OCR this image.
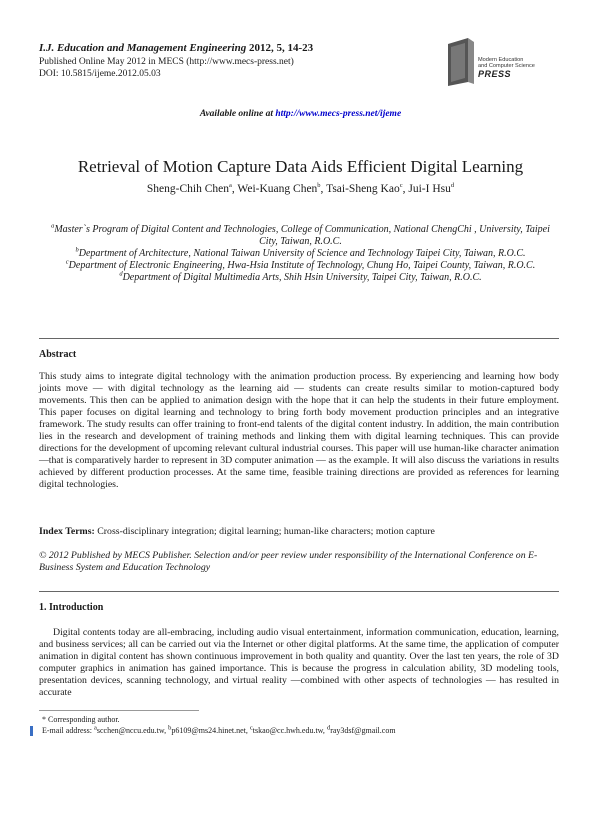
I.J. Education and Management Engineering 2012, 5, 14-23
Published Online May 2012 in MECS (http://www.mecs-press.net)
DOI: 10.5815/ijeme.2012.05.03
Modern Education
and Computer Science
PRESS
Available online at http://www.mecs-press.net/ijeme
Retrieval of Motion Capture Data Aids Efficient Digital Learning
Sheng-Chih Chen$^a$, Wei-Kuang Chen$^b$, Tsai-Sheng Kao$^c$, Jui-I Hsu$^d$
$^a$Master`s Program of Digital Content and Technologies, College of Communication, National ChengChi , University, Taipei City, Taiwan, R.O.C.
$^b$Department of Architecture, National Taiwan University of Science and Technology Taipei City, Taiwan, R.O.C.
$^c$Department of Electronic Engineering, Hwa-Hsia Institute of Technology, Chung Ho, Taipei County, Taiwan, R.O.C.
$^d$Department of Digital Multimedia Arts, Shih Hsin University, Taipei City, Taiwan, R.O.C.
Abstract
This study aims to integrate digital technology with the animation production process. By experiencing and learning how body joints move — with digital technology as the learning aid — students can create results similar to motion-captured body movements. This then can be applied to animation design with the hope that it can help the students in their future employment. This paper focuses on digital learning and technology to bring forth body movement production principles and an integrative framework. The study results can offer training to front-end talents of the digital content industry. In addition, the main contribution lies in the research and development of training methods and linking them with digital learning techniques. This can provide directions for the development of upcoming relevant cultural industrial courses. This paper will use human-like character animation —that is comparatively harder to represent in 3D computer animation — as the example. It will also discuss the variations in results achieved by different production processes. At the same time, feasible training directions are provided as references for learning digital technologies.
Index Terms: Cross-disciplinary integration; digital learning; human-like characters; motion capture
© 2012 Published by MECS Publisher. Selection and/or peer review under responsibility of the International Conference on E-Business System and Education Technology
1. Introduction
Digital contents today are all-embracing, including audio visual entertainment, information communication, education, learning, and business services; all can be carried out via the Internet or other digital platforms. At the same time, the application of computer animation in digital content has shown continuous improvement in both quality and quantity. Over the last ten years, the role of 3D computer graphics in animation has gained importance. This is because the progress in calculation ability, 3D modeling tools, presentation devices, scanning technology, and virtual reality —combined with other aspects of technologies — has resulted in accurate
* Corresponding author.
E-mail address: $^a$scchen@nccu.edu.tw, $^b$p6109@ms24.hinet.net, $^c$tskao@cc.hwh.edu.tw, $^d$ray3dsf@gmail.com
